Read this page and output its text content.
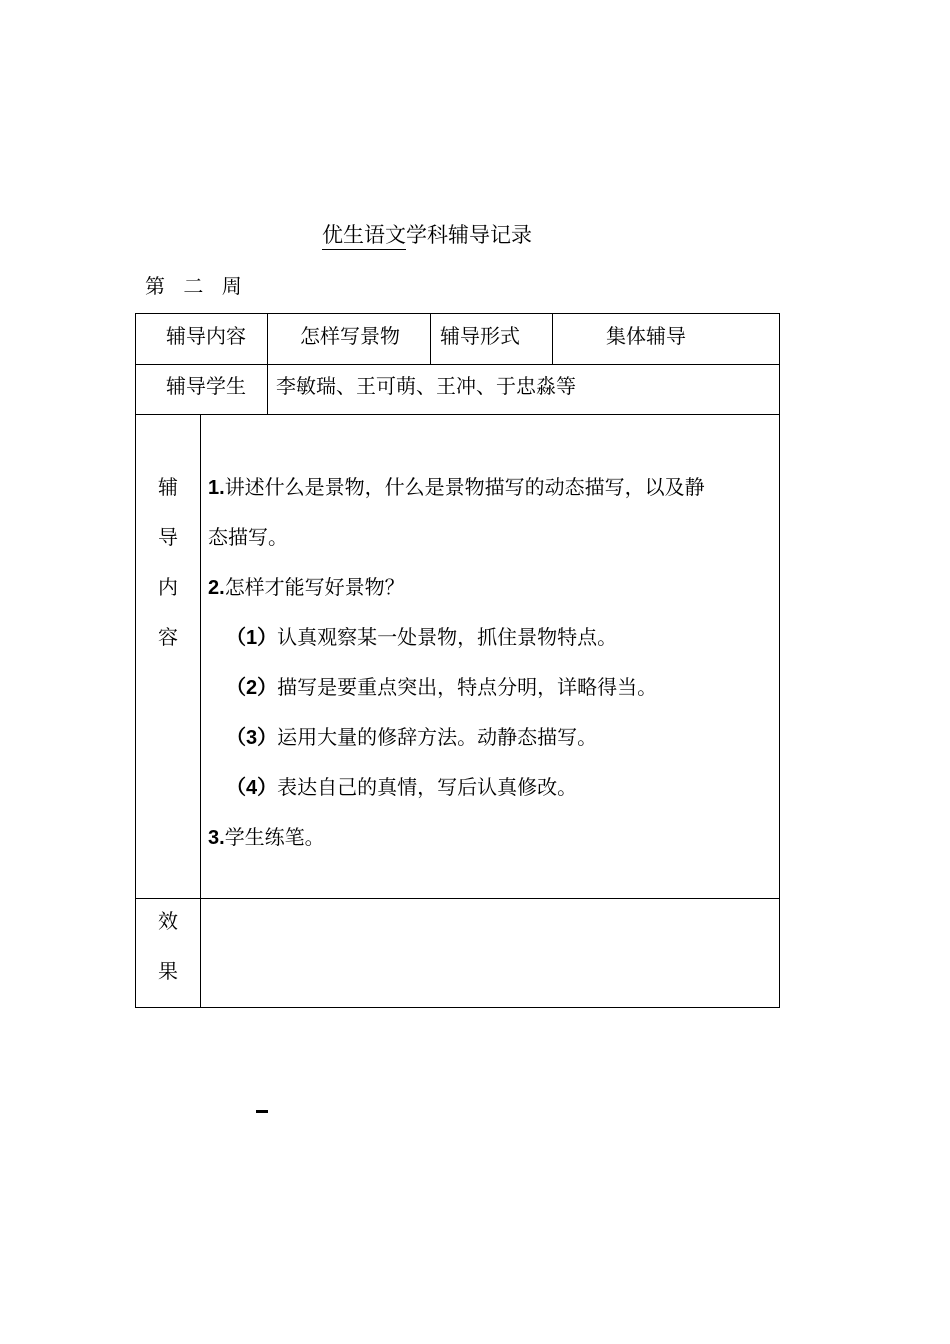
优生语文学科辅导记录
第 二 周
辅导内容	怎样写景物 辅导形式	集体辅导
辅导学生 李敏瑞、王可萌、王冲、于忠淼等
辅
导
内
容
1.讲述什么是景物，什么是景物描写的动态描写，以及静
态描写。
2.怎样才能写好景物？
（1）认真观察某一处景物，抓住景物特点。
（2）描写是要重点突出，特点分明，详略得当。
（3）运用大量的修辞方法。动静态描写。
（4）表达自己的真情，写后认真修改。
3.学生练笔。
效
果
